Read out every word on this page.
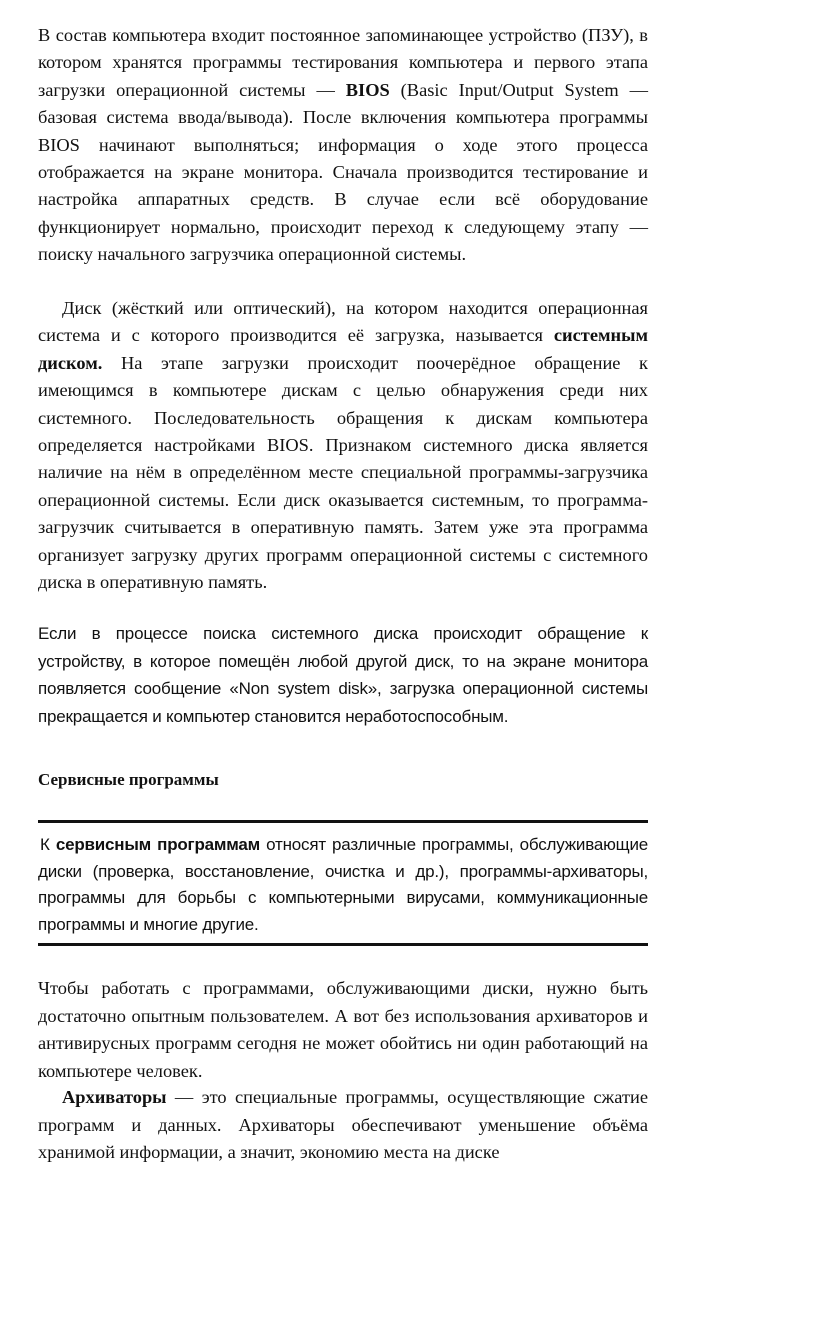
В состав компьютера входит постоянное запоминающее устройство (ПЗУ), в котором хранятся программы тестирования компьютера и первого этапа загрузки операционной системы — BIOS (Basic Input/Output System — базовая система ввода/вывода). После включения компьютера программы BIOS начинают выполняться; информация о ходе этого процесса отображается на экране монитора. Сначала производится тестирование и настройка аппаратных средств. В случае если всё оборудование функционирует нормально, происходит переход к следующему этапу — поиску начального загрузчика операционной системы.

Диск (жёсткий или оптический), на котором находится операционная система и с которого производится её загрузка, называется системным диском. На этапе загрузки происходит поочерёдное обращение к имеющимся в компьютере дискам с целью обнаружения среди них системного. Последовательность обращения к дискам компьютера определяется настройками BIOS. Признаком системного диска является наличие на нём в определённом месте специальной программы-загрузчика операционной системы. Если диск оказывается системным, то программа-загрузчик считывается в оперативную память. Затем уже эта программа организует загрузку других программ операционной системы с системного диска в оперативную память.

Если в процессе поиска системного диска происходит обращение к устройству, в которое помещён любой другой диск, то на экране монитора появляется сообщение «Non system disk», загрузка операционной системы прекращается и компьютер становится неработоспособным.

Сервисные программы

К сервисным программам относят различные программы, обслуживающие диски (проверка, восстановление, очистка и др.), программы-архиваторы, программы для борьбы с компьютерными вирусами, коммуникационные программы и многие другие.

Чтобы работать с программами, обслуживающими диски, нужно быть достаточно опытным пользователем. А вот без использования архиваторов и антивирусных программ сегодня не может обойтись ни один работающий на компьютере человек.

Архиваторы — это специальные программы, осуществляющие сжатие программ и данных. Архиваторы обеспечивают уменьшение объёма хранимой информации, а значит, экономию места на диске
